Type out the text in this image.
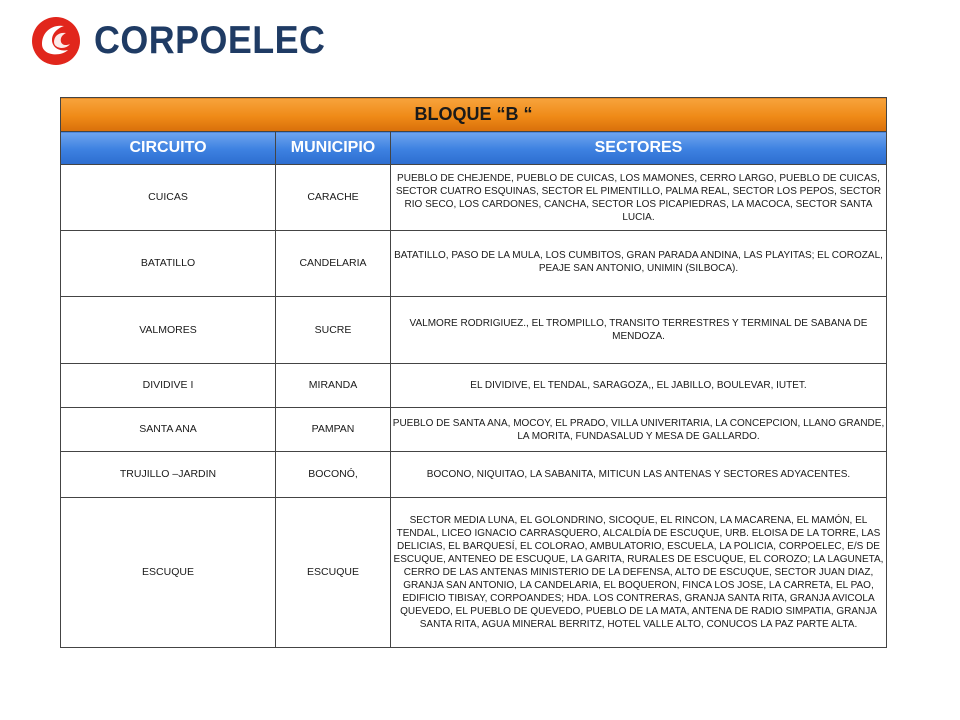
CORPOELEC
BLOQUE “B “		
CIRCUITO	MUNICIPIO	SECTORES
CUICAS	CARACHE	PUEBLO DE CHEJENDE, PUEBLO DE CUICAS, LOS MAMONES, CERRO LARGO, PUEBLO DE CUICAS, SECTOR CUATRO ESQUINAS, SECTOR EL PIMENTILLO, PALMA REAL, SECTOR LOS PEPOS, SECTOR RIO SECO, LOS CARDONES, CANCHA, SECTOR LOS PICAPIEDRAS, LA MACOCA, SECTOR SANTA LUCIA.
BATATILLO	CANDELARIA	BATATILLO, PASO DE LA MULA, LOS CUMBITOS, GRAN PARADA ANDINA, LAS PLAYITAS; EL COROZAL, PEAJE SAN ANTONIO, UNIMIN (SILBOCA).
VALMORES	SUCRE	VALMORE RODRIGIUEZ., EL TROMPILLO, TRANSITO TERRESTRES Y TERMINAL DE SABANA DE MENDOZA.
DIVIDIVE I	MIRANDA	EL DIVIDIVE, EL TENDAL, SARAGOZA,, EL JABILLO, BOULEVAR, IUTET.
SANTA ANA	PAMPAN	PUEBLO DE SANTA ANA, MOCOY, EL PRADO, VILLA UNIVERITARIA, LA CONCEPCION, LLANO GRANDE, LA MORITA, FUNDASALUD Y MESA DE GALLARDO.
TRUJILLO –JARDIN	BOCONÓ,	BOCONO, NIQUITAO, LA SABANITA, MITICUN LAS ANTENAS Y SECTORES ADYACENTES.
ESCUQUE	ESCUQUE	SECTOR MEDIA LUNA, EL GOLONDRINO, SICOQUE, EL RINCON, LA MACARENA, EL MAMÓN, EL TENDAL, LICEO IGNACIO CARRASQUERO, ALCALDÍA DE ESCUQUE, URB. ELOISA DE LA TORRE, LAS DELICIAS, EL BARQUESÍ, EL COLORAO, AMBULATORIO, ESCUELA, LA POLICIA, CORPOELEC, E/S DE ESCUQUE, ANTENEO DE ESCUQUE, LA GARITA, RURALES DE ESCUQUE, EL COROZO; LA LAGUNETA, CERRO DE LAS ANTENAS MINISTERIO DE LA DEFENSA, ALTO DE ESCUQUE, SECTOR JUAN DIAZ, GRANJA SAN ANTONIO, LA CANDELARIA, EL BOQUERON, FINCA LOS JOSE, LA CARRETA, EL PAO, EDIFICIO TIBISAY, CORPOANDES; HDA. LOS CONTRERAS, GRANJA SANTA RITA, GRANJA AVICOLA QUEVEDO, EL PUEBLO DE QUEVEDO, PUEBLO DE LA MATA, ANTENA DE RADIO SIMPATIA, GRANJA SANTA RITA, AGUA MINERAL BERRITZ, HOTEL VALLE ALTO, CONUCOS LA PAZ PARTE ALTA.
